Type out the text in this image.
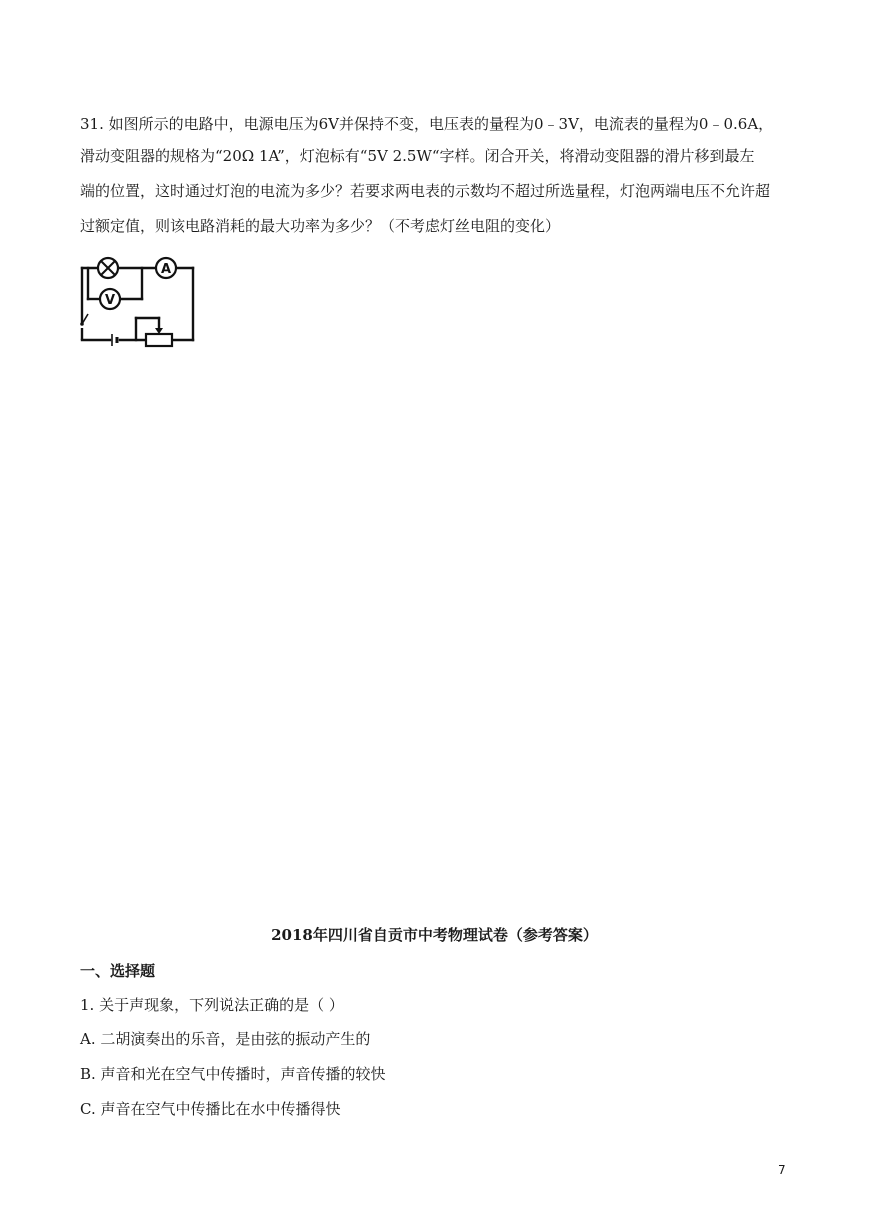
31. 如图所示的电路中，电源电压为6V并保持不变，电压表的量程为0﹣3V，电流表的量程为0﹣0.6A，
滑动变阻器的规格为“20Ω 1A”，灯泡标有“5V 2.5W“字样。闭合开关，将滑动变阻器的滑片移到最左
端的位置，这时通过灯泡的电流为多少？若要求两电表的示数均不超过所选量程，灯泡两端电压不允许超
过额定值，则该电路消耗的最大功率为多少？（不考虑灯丝电阻的变化）
A
V
2018年四川省自贡市中考物理试卷（参考答案）
一、选择题
1. 关于声现象，下列说法正确的是（ ）
A. 二胡演奏出的乐音，是由弦的振动产生的
B. 声音和光在空气中传播时，声音传播的较快
C. 声音在空气中传播比在水中传播得快
7
